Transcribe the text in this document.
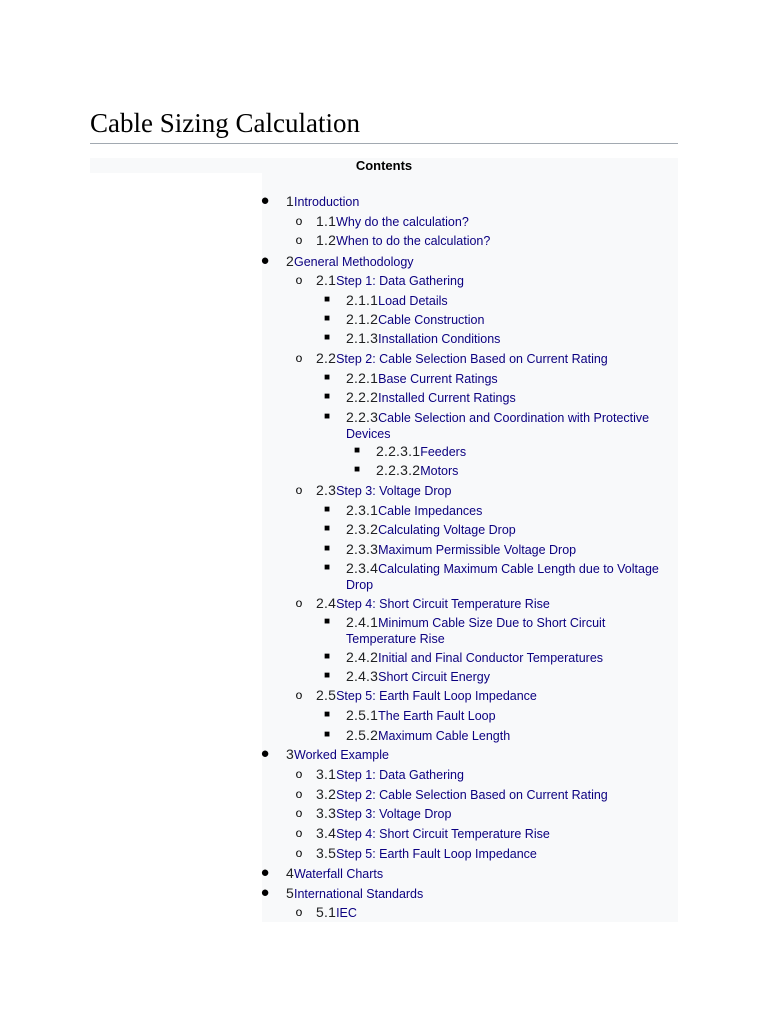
Cable Sizing Calculation
Contents
● 1Introduction
o 1.1Why do the calculation?
o 1.2When to do the calculation?
● 2General Methodology
o 2.1Step 1: Data Gathering
■ 2.1.1Load Details
■ 2.1.2Cable Construction
■ 2.1.3Installation Conditions
o 2.2Step 2: Cable Selection Based on Current Rating
■ 2.2.1Base Current Ratings
■ 2.2.2Installed Current Ratings
■ 2.2.3Cable Selection and Coordination with Protective Devices
■ 2.2.3.1Feeders
■ 2.2.3.2Motors
o 2.3Step 3: Voltage Drop
■ 2.3.1Cable Impedances
■ 2.3.2Calculating Voltage Drop
■ 2.3.3Maximum Permissible Voltage Drop
■ 2.3.4Calculating Maximum Cable Length due to Voltage Drop
o 2.4Step 4: Short Circuit Temperature Rise
■ 2.4.1Minimum Cable Size Due to Short Circuit Temperature Rise
■ 2.4.2Initial and Final Conductor Temperatures
■ 2.4.3Short Circuit Energy
o 2.5Step 5: Earth Fault Loop Impedance
■ 2.5.1The Earth Fault Loop
■ 2.5.2Maximum Cable Length
● 3Worked Example
o 3.1Step 1: Data Gathering
o 3.2Step 2: Cable Selection Based on Current Rating
o 3.3Step 3: Voltage Drop
o 3.4Step 4: Short Circuit Temperature Rise
o 3.5Step 5: Earth Fault Loop Impedance
● 4Waterfall Charts
● 5International Standards
o 5.1IEC
